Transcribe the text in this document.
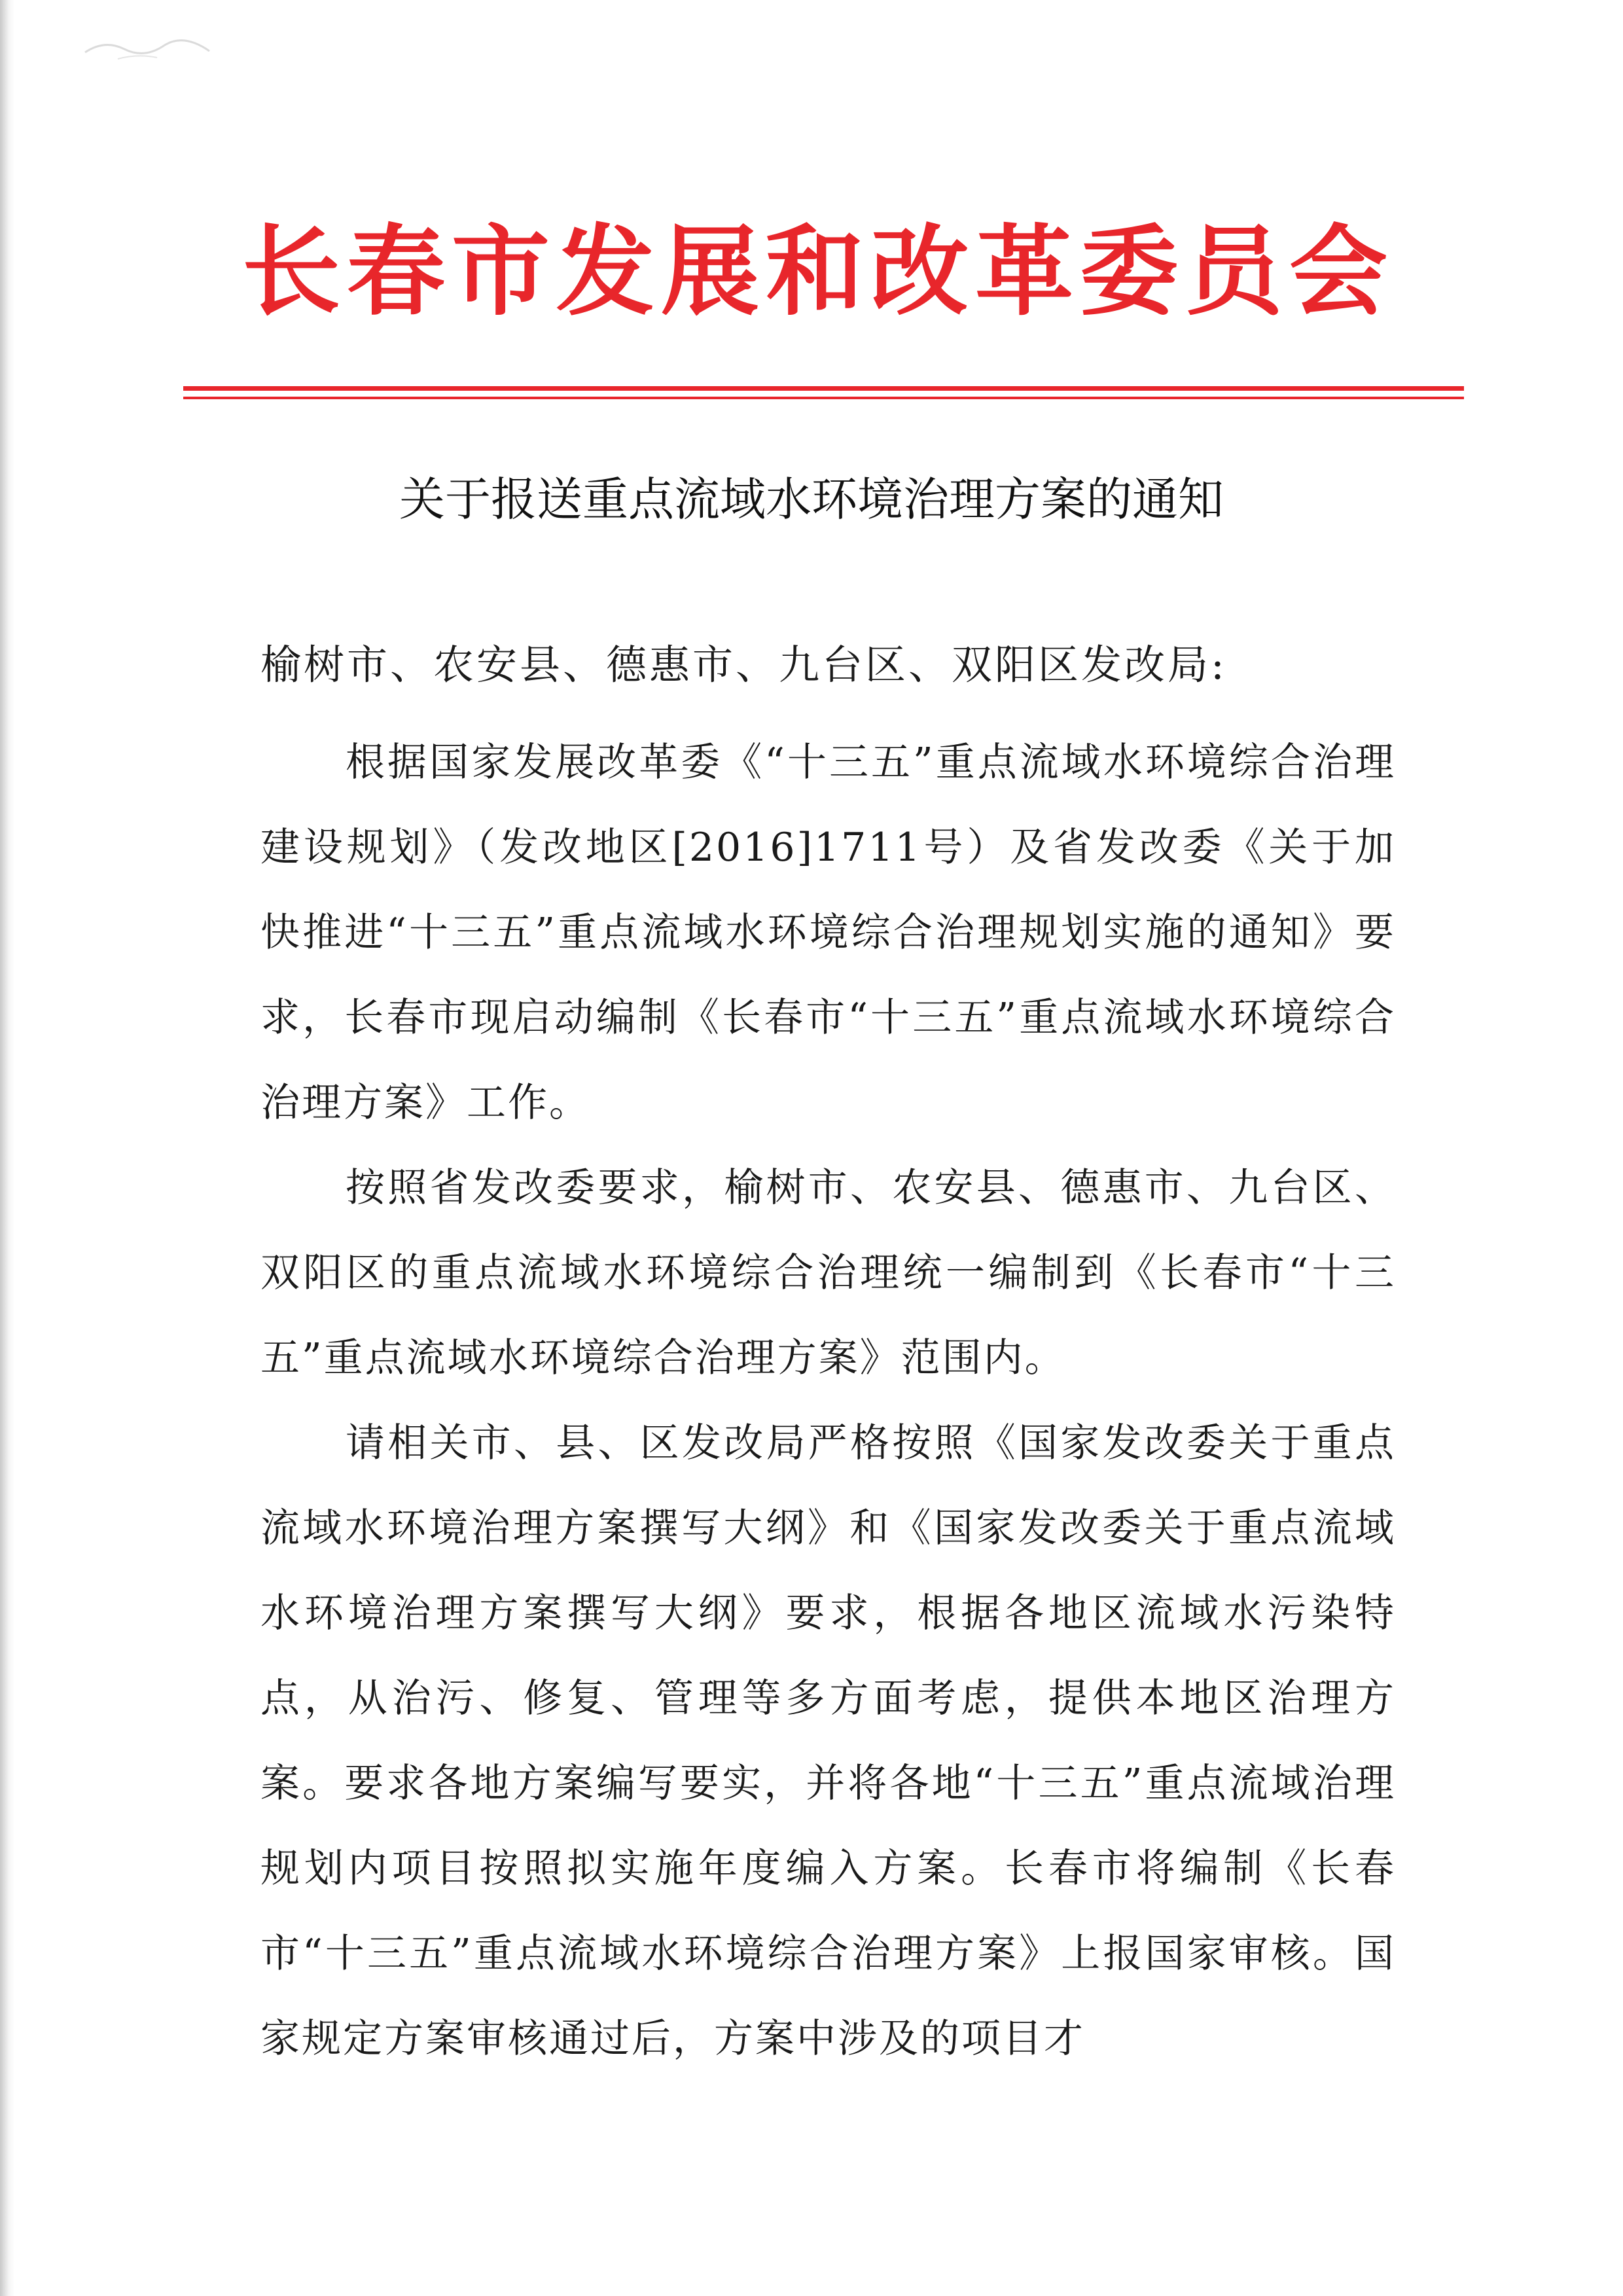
长春市发展和改革委员会
关于报送重点流域水环境治理方案的通知
榆树市、农安县、德惠市、九台区、双阳区发改局:

根据国家发展改革委《“十三五”重点流域水环境综合治理建设规划》（发改地区[2016]1711号）及省发改委《关于加快推进“十三五”重点流域水环境综合治理规划实施的通知》要求，长春市现启动编制《长春市“十三五”重点流域水环境综合治理方案》工作。

按照省发改委要求，榆树市、农安县、德惠市、九台区、双阳区的重点流域水环境综合治理统一编制到《长春市“十三五”重点流域水环境综合治理方案》范围内。

请相关市、县、区发改局严格按照《国家发改委关于重点流域水环境治理方案撰写大纲》和《国家发改委关于重点流域水环境治理方案撰写大纲》要求，根据各地区流域水污染特点，从治污、修复、管理等多方面考虑，提供本地区治理方案。要求各地方案编写要实，并将各地“十三五”重点流域治理规划内项目按照拟实施年度编入方案。长春市将编制《长春市“十三五”重点流域水环境综合治理方案》上报国家审核。国家规定方案审核通过后，方案中涉及的项目才
